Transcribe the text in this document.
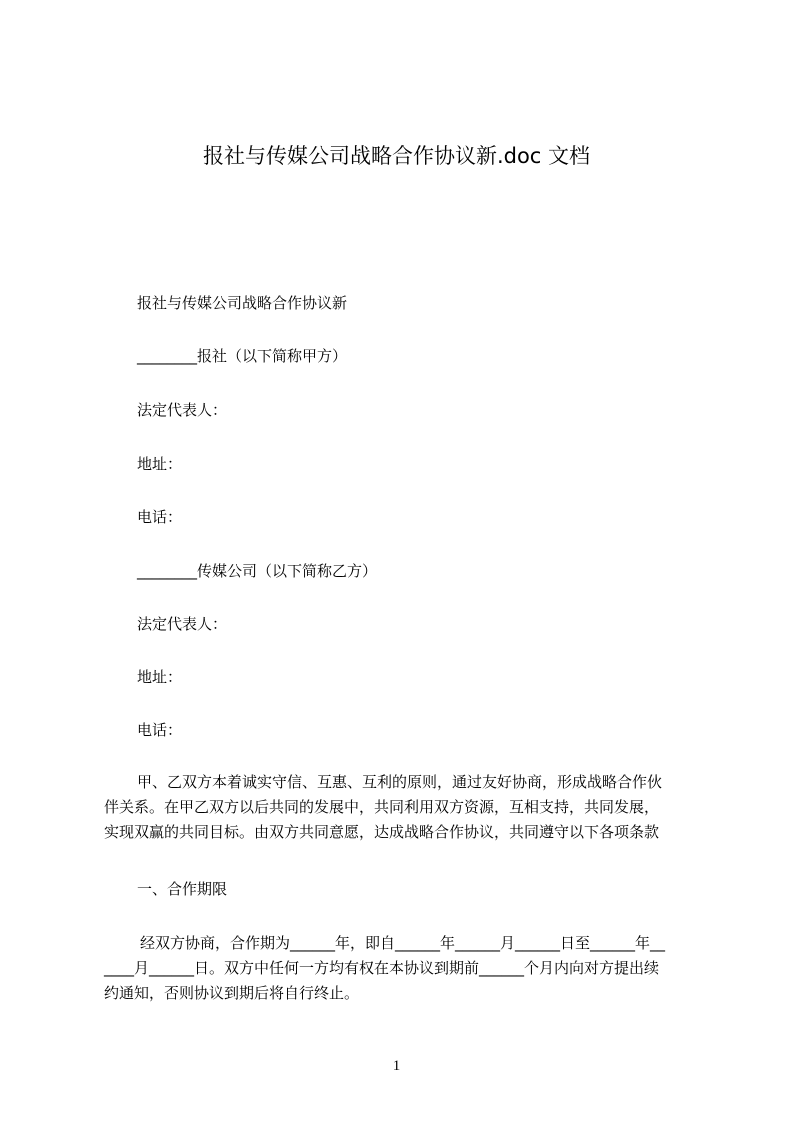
报社与传媒公司战略合作协议新.doc 文档
报社与传媒公司战略合作协议新
________报社（以下简称甲方）
法定代表人：
地址：
电话：
________传媒公司（以下简称乙方）
法定代表人：
地址：
电话：
甲、乙双方本着诚实守信、互惠、互利的原则，通过友好协商，形成战略合作伙
伴关系。在甲乙双方以后共同的发展中，共同利用双方资源，互相支持，共同发展，
实现双赢的共同目标。由双方共同意愿，达成战略合作协议，共同遵守以下各项条款
一、合作期限
经双方协商，合作期为______年，即自______年______月______日至______年__
____月______日。双方中任何一方均有权在本协议到期前______个月内向对方提出续
约通知，否则协议到期后将自行终止。
1
